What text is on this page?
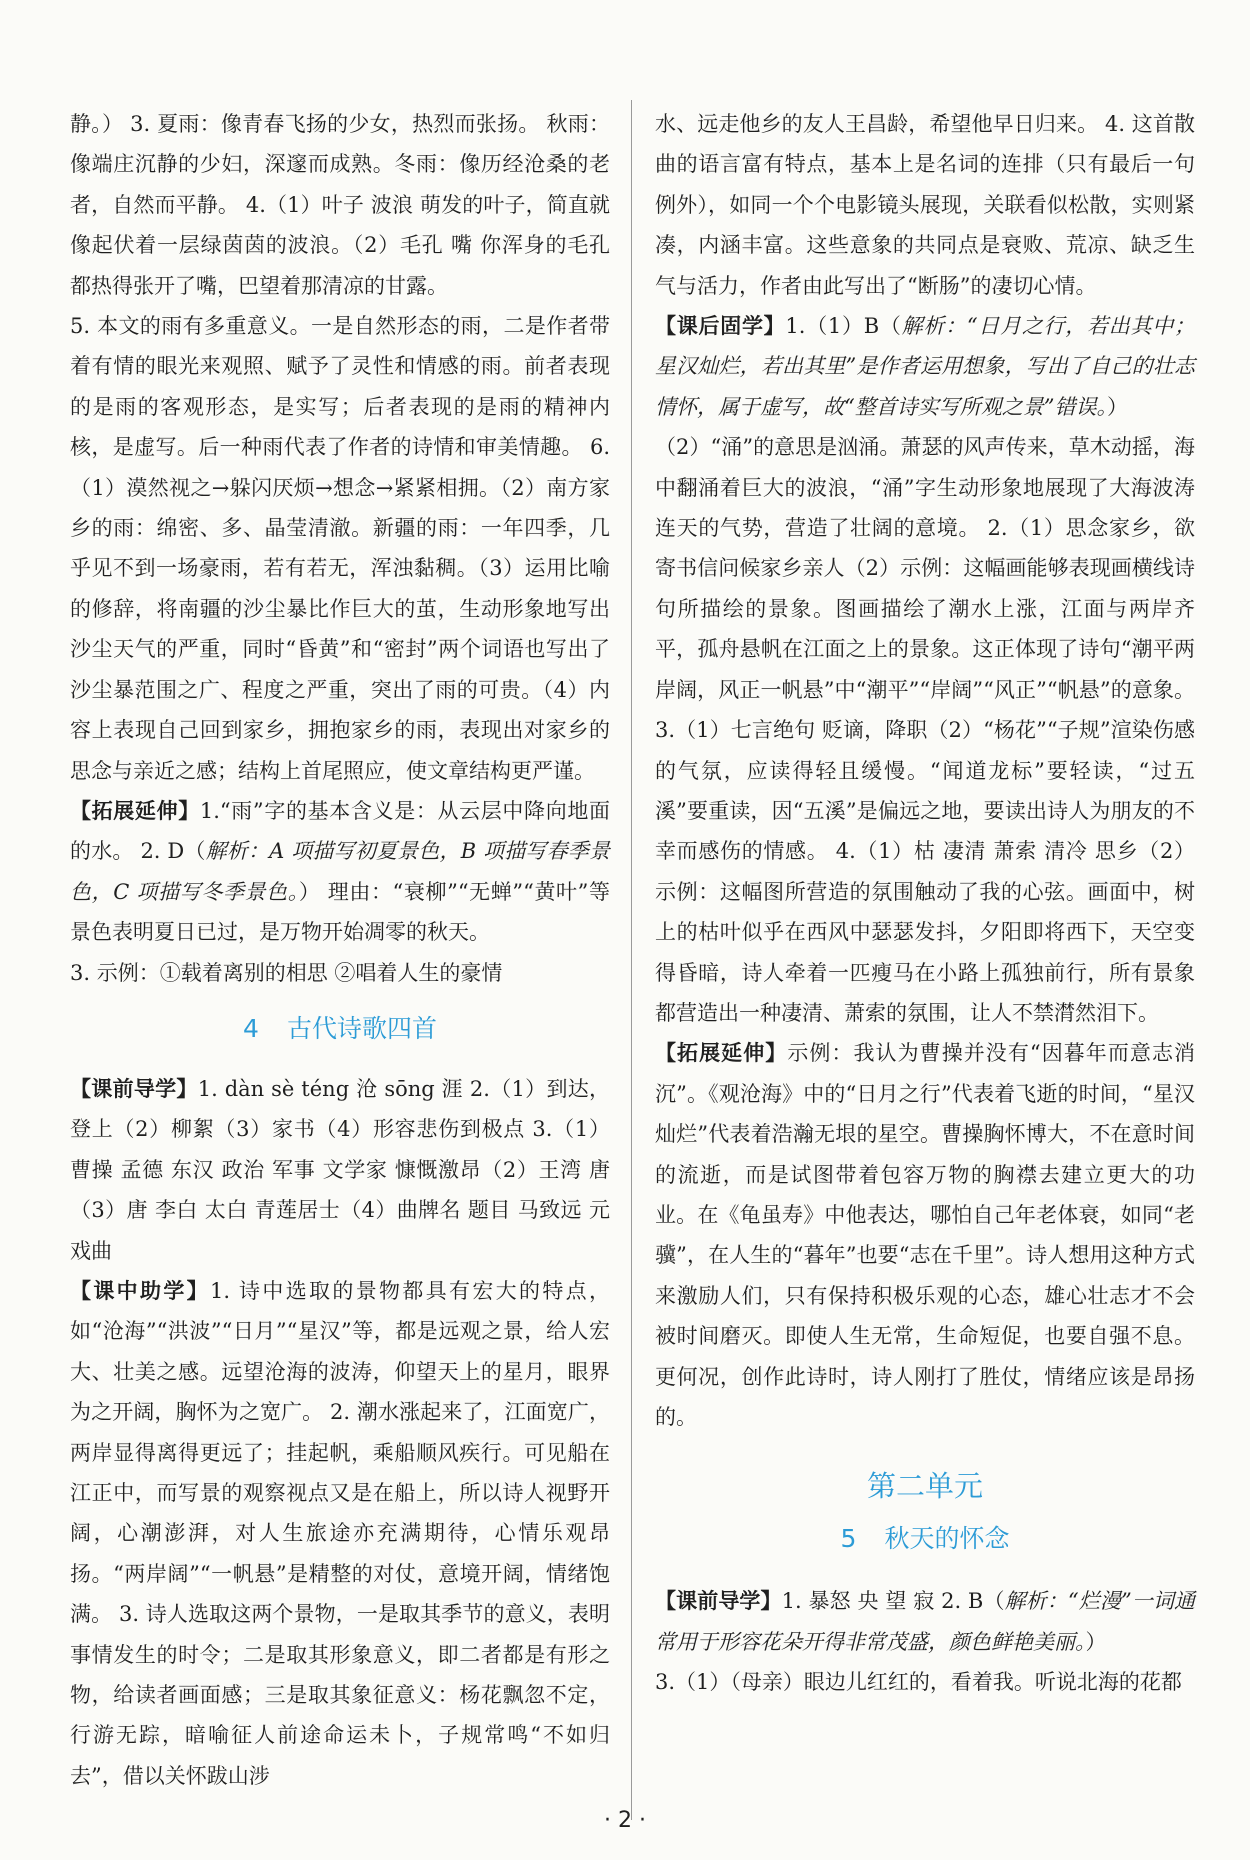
静。） 3. 夏雨：像青春飞扬的少女，热烈而张扬。 秋雨：像端庄沉静的少妇，深邃而成熟。冬雨：像历经沧桑的老者，自然而平静。 4.（1）叶子 波浪 萌发的叶子，简直就像起伏着一层绿茵茵的波浪。（2）毛孔 嘴 你浑身的毛孔都热得张开了嘴，巴望着那清凉的甘露。

5. 本文的雨有多重意义。一是自然形态的雨，二是作者带着有情的眼光来观照、赋予了灵性和情感的雨。前者表现的是雨的客观形态，是实写；后者表现的是雨的精神内核，是虚写。后一种雨代表了作者的诗情和审美情趣。 6.（1）漠然视之→躲闪厌烦→想念→紧紧相拥。（2）南方家乡的雨：绵密、多、晶莹清澈。新疆的雨：一年四季，几乎见不到一场豪雨，若有若无，浑浊黏稠。（3）运用比喻的修辞，将南疆的沙尘暴比作巨大的茧，生动形象地写出沙尘天气的严重，同时“昏黄”和“密封”两个词语也写出了沙尘暴范围之广、程度之严重，突出了雨的可贵。（4）内容上表现自己回到家乡，拥抱家乡的雨，表现出对家乡的思念与亲近之感；结构上首尾照应，使文章结构更严谨。

【拓展延伸】1.“雨”字的基本含义是：从云层中降向地面的水。 2. D（解析：A 项描写初夏景色，B 项描写春季景色，C 项描写冬季景色。） 理由：“衰柳”“无蝉”“黄叶”等景色表明夏日已过，是万物开始凋零的秋天。

3. 示例：①载着离别的相思 ②唱着人生的豪情

4 古代诗歌四首

【课前导学】1. dàn sè téng 沧 sōng 涯 2.（1）到达，登上（2）柳絮（3）家书（4）形容悲伤到极点 3.（1）曹操 孟德 东汉 政治 军事 文学家 慷慨激昂（2）王湾 唐（3）唐 李白 太白 青莲居士（4）曲牌名 题目 马致远 元 戏曲

【课中助学】1. 诗中选取的景物都具有宏大的特点，如“沧海”“洪波”“日月”“星汉”等，都是远观之景，给人宏大、壮美之感。远望沧海的波涛，仰望天上的星月，眼界为之开阔，胸怀为之宽广。 2. 潮水涨起来了，江面宽广，两岸显得离得更远了；挂起帆，乘船顺风疾行。可见船在江正中，而写景的观察视点又是在船上，所以诗人视野开阔，心潮澎湃，对人生旅途亦充满期待，心情乐观昂扬。“两岸阔”“一帆悬”是精整的对仗，意境开阔，情绪饱满。 3. 诗人选取这两个景物，一是取其季节的意义，表明事情发生的时令；二是取其形象意义，即二者都是有形之物，给读者画面感；三是取其象征意义：杨花飘忽不定，行游无踪，暗喻征人前途命运未卜，子规常鸣“不如归去”，借以关怀跋山涉

水、远走他乡的友人王昌龄，希望他早日归来。 4. 这首散曲的语言富有特点，基本上是名词的连排（只有最后一句例外），如同一个个电影镜头展现，关联看似松散，实则紧凑，内涵丰富。这些意象的共同点是衰败、荒凉、缺乏生气与活力，作者由此写出了“断肠”的凄切心情。

【课后固学】1.（1）B（解析：“日月之行，若出其中；星汉灿烂，若出其里”是作者运用想象，写出了自己的壮志情怀，属于虚写，故“整首诗实写所观之景”错误。）

（2）“涌”的意思是汹涌。萧瑟的风声传来，草木动摇，海中翻涌着巨大的波浪，“涌”字生动形象地展现了大海波涛连天的气势，营造了壮阔的意境。 2.（1）思念家乡，欲寄书信问候家乡亲人（2）示例：这幅画能够表现画横线诗句所描绘的景象。图画描绘了潮水上涨，江面与两岸齐平，孤舟悬帆在江面之上的景象。这正体现了诗句“潮平两岸阔，风正一帆悬”中“潮平”“岸阔”“风正”“帆悬”的意象。 3.（1）七言绝句 贬谪，降职（2）“杨花”“子规”渲染伤感的气氛，应读得轻且缓慢。“闻道龙标”要轻读，“过五溪”要重读，因“五溪”是偏远之地，要读出诗人为朋友的不幸而感伤的情感。 4.（1）枯 凄清 萧索 清冷 思乡（2）示例：这幅图所营造的氛围触动了我的心弦。画面中，树上的枯叶似乎在西风中瑟瑟发抖，夕阳即将西下，天空变得昏暗，诗人牵着一匹瘦马在小路上孤独前行，所有景象都营造出一种凄清、萧索的氛围，让人不禁潸然泪下。

【拓展延伸】示例：我认为曹操并没有“因暮年而意志消沉”。《观沧海》中的“日月之行”代表着飞逝的时间，“星汉灿烂”代表着浩瀚无垠的星空。曹操胸怀博大，不在意时间的流逝，而是试图带着包容万物的胸襟去建立更大的功业。在《龟虽寿》中他表达，哪怕自己年老体衰，如同“老骥”，在人生的“暮年”也要“志在千里”。诗人想用这种方式来激励人们，只有保持积极乐观的心态，雄心壮志才不会被时间磨灭。即使人生无常，生命短促，也要自强不息。更何况，创作此诗时，诗人刚打了胜仗，情绪应该是昂扬的。

第二单元
5 秋天的怀念

【课前导学】1. 暴怒 央 望 寂 2. B（解析：“烂漫”一词通常用于形容花朵开得非常茂盛，颜色鲜艳美丽。）

3.（1）（母亲）眼边儿红红的，看着我。听说北海的花都

· 2 ·
